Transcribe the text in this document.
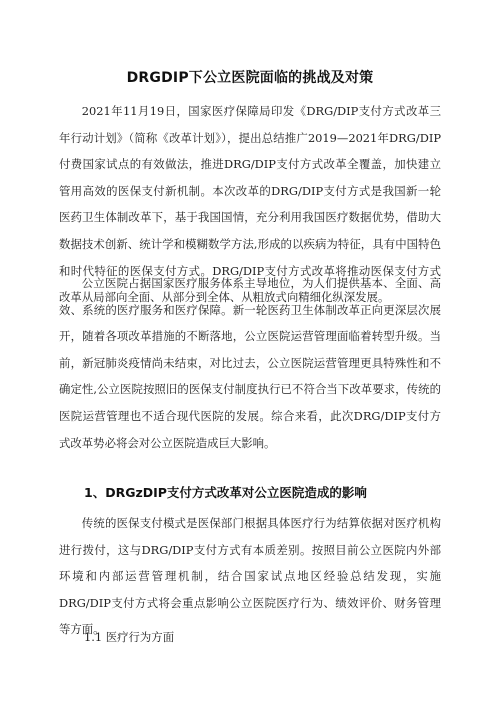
DRGDIP下公立医院面临的挑战及对策

2021年11月19日，国家医疗保障局印发《DRG/DIP支付方式改革三年行动计划》（简称《改革计划》），提出总结推广2019—2021年DRG/DIP付费国家试点的有效做法，推进DRG/DIP支付方式改革全覆盖，加快建立管用高效的医保支付新机制。本次改革的DRG/DIP支付方式是我国新一轮医药卫生体制改革下，基于我国国情，充分利用我国医疗数据优势，借助大数据技术创新、统计学和模糊数学方法,形成的以疾病为特征，具有中国特色和时代特征的医保支付方式。DRG/DIP支付方式改革将推动医保支付方式改革从局部向全面、从部分到全体、从粗放式向精细化纵深发展。

公立医院占据国家医疗服务体系主导地位，为人们提供基本、全面、高效、系统的医疗服务和医疗保障。新一轮医药卫生体制改革正向更深层次展开，随着各项改革措施的不断落地，公立医院运营管理面临着转型升级。当前，新冠肺炎疫情尚未结束，对比过去，公立医院运营管理更具特殊性和不确定性,公立医院按照旧的医保支付制度执行已不符合当下改革要求，传统的医院运营管理也不适合现代医院的发展。综合来看，此次DRG/DIP支付方式改革势必将会对公立医院造成巨大影响。

1、DRGzDIP支付方式改革对公立医院造成的影响

传统的医保支付模式是医保部门根据具体医疗行为结算依据对医疗机构进行拨付，这与DRG/DIP支付方式有本质差别。按照目前公立医院内外部环境和内部运营管理机制，结合国家试点地区经验总结发现，实施DRG/DIP支付方式将会重点影响公立医院医疗行为、绩效评价、财务管理等方面。

1.1 医疗行为方面
